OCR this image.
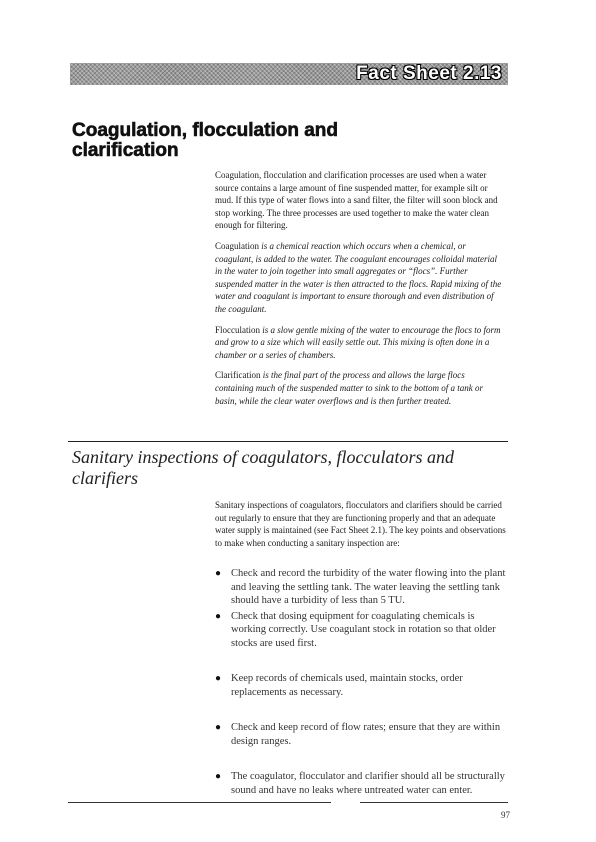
Fact Sheet 2.13
Coagulation, flocculation and clarification

Coagulation, flocculation and clarification processes are used when a water source contains a large amount of fine suspended matter, for example silt or mud. If this type of water flows into a sand filter, the filter will soon block and stop working. The three processes are used together to make the water clean enough for filtering.

Coagulation is a chemical reaction which occurs when a chemical, or coagulant, is added to the water. The coagulant encourages colloidal material in the water to join together into small aggregates or “flocs”. Further suspended matter in the water is then attracted to the flocs. Rapid mixing of the water and coagulant is important to ensure thorough and even distribution of the coagulant.

Flocculation is a slow gentle mixing of the water to encourage the flocs to form and grow to a size which will easily settle out. This mixing is often done in a chamber or a series of chambers.

Clarification is the final part of the process and allows the large flocs containing much of the suspended matter to sink to the bottom of a tank or basin, while the clear water overflows and is then further treated.

Sanitary inspections of coagulators, flocculators and clarifiers

Sanitary inspections of coagulators, flocculators and clarifiers should be carried out regularly to ensure that they are functioning properly and that an adequate water supply is maintained (see Fact Sheet 2.1). The key points and observations to make when conducting a sanitary inspection are:

● Check and record the turbidity of the water flowing into the plant and leaving the settling tank. The water leaving the settling tank should have a turbidity of less than 5 TU.
● Check that dosing equipment for coagulating chemicals is working correctly. Use coagulant stock in rotation so that older stocks are used first.
● Keep records of chemicals used, maintain stocks, order replacements as necessary.
● Check and keep record of flow rates; ensure that they are within design ranges.
● The coagulator, flocculator and clarifier should all be structurally sound and have no leaks where untreated water can enter.
97
